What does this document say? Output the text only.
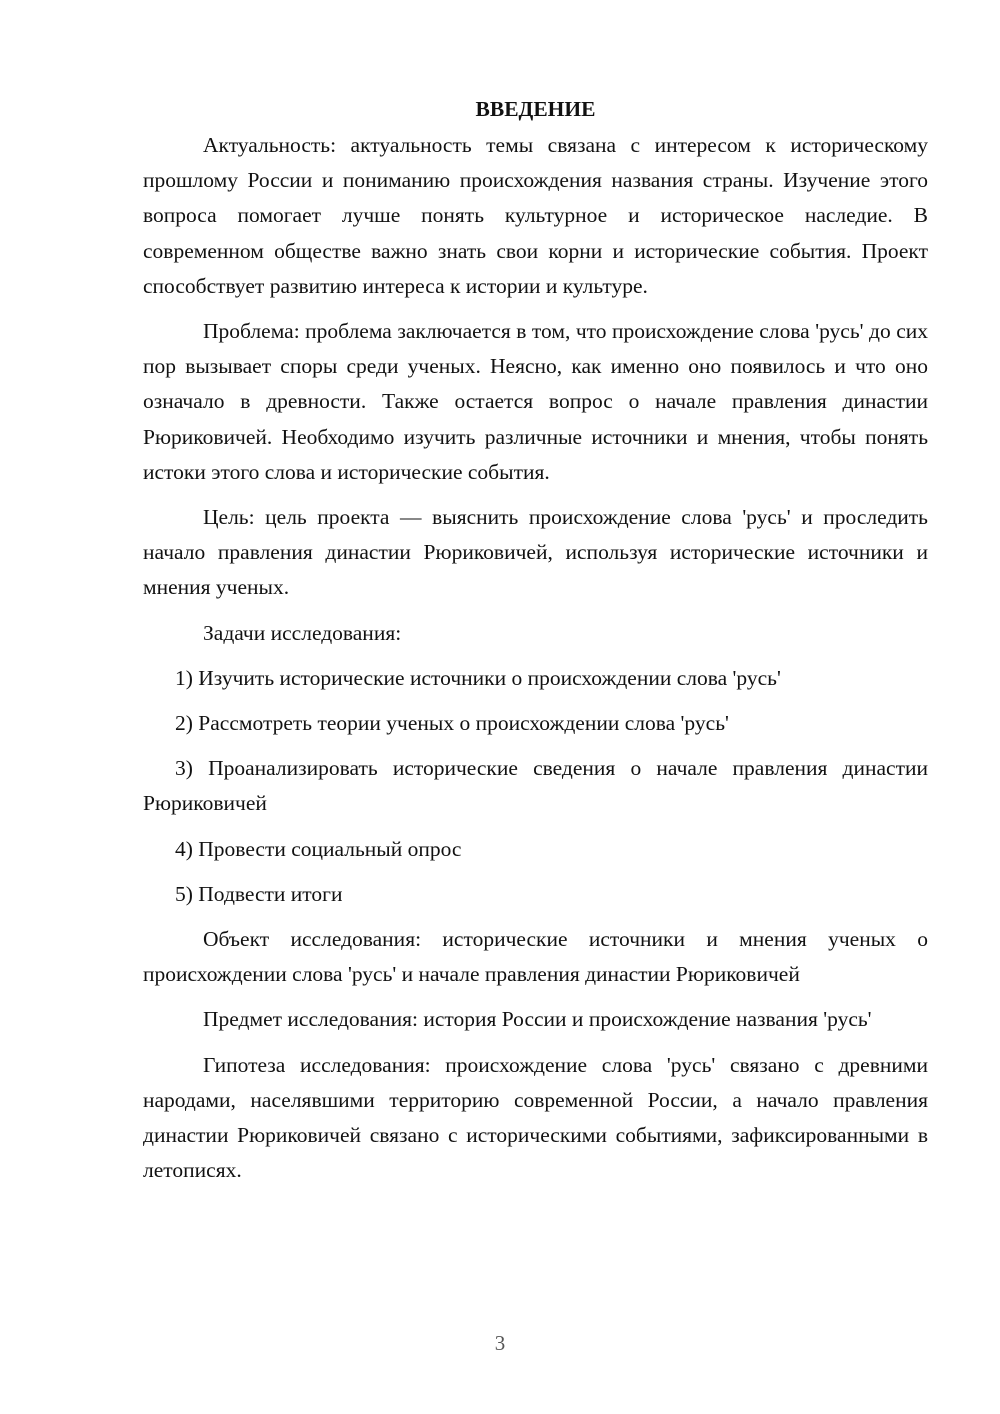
ВВЕДЕНИЕ

Актуальность: актуальность темы связана с интересом к историческому прошлому России и пониманию происхождения названия страны. Изучение этого вопроса помогает лучше понять культурное и историческое наследие. В современном обществе важно знать свои корни и исторические события. Проект способствует развитию интереса к истории и культуре.

Проблема: проблема заключается в том, что происхождение слова 'русь' до сих пор вызывает споры среди ученых. Неясно, как именно оно появилось и что оно означало в древности. Также остается вопрос о начале правления династии Рюриковичей. Необходимо изучить различные источники и мнения, чтобы понять истоки этого слова и исторические события.

Цель: цель проекта — выяснить происхождение слова 'русь' и проследить начало правления династии Рюриковичей, используя исторические источники и мнения ученых.

Задачи исследования:

1) Изучить исторические источники о происхождении слова 'русь'

2) Рассмотреть теории ученых о происхождении слова 'русь'

3) Проанализировать исторические сведения о начале правления династии Рюриковичей

4) Провести социальный опрос

5) Подвести итоги

Объект исследования: исторические источники и мнения ученых о происхождении слова 'русь' и начале правления династии Рюриковичей

Предмет исследования: история России и происхождение названия 'русь'

Гипотеза исследования: происхождение слова 'русь' связано с древними народами, населявшими территорию современной России, а начало правления династии Рюриковичей связано с историческими событиями, зафиксированными в летописях.

3
